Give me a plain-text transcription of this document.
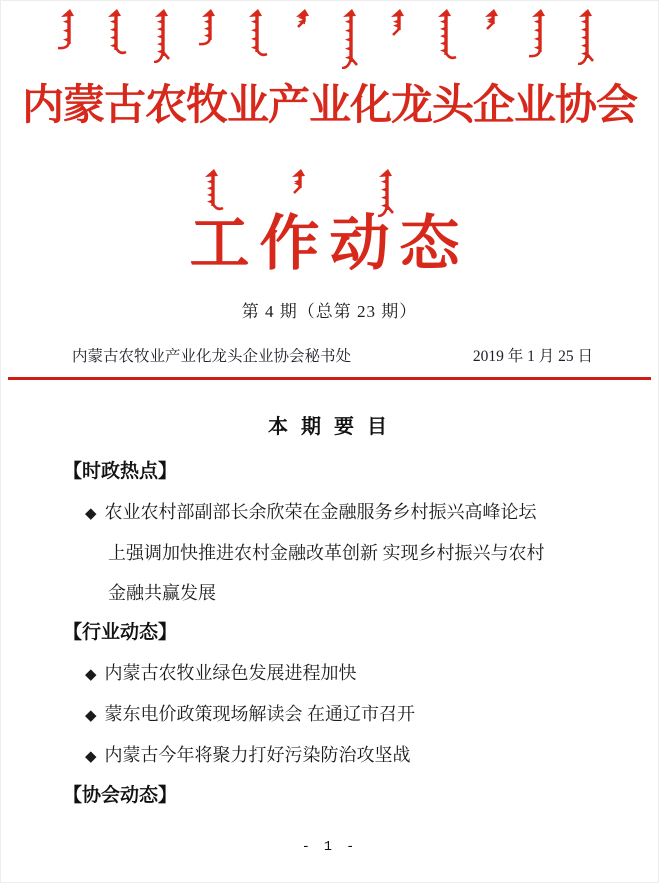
内蒙古农牧业产业化龙头企业协会
工作动态
第 4 期（总第 23 期）
内蒙古农牧业产业化龙头企业协会秘书处	2019 年 1 月 25 日
本 期 要 目
【时政热点】
◆ 农业农村部副部长余欣荣在金融服务乡村振兴高峰论坛
上强调加快推进农村金融改革创新 实现乡村振兴与农村
金融共赢发展
【行业动态】
◆ 内蒙古农牧业绿色发展进程加快
◆ 蒙东电价政策现场解读会 在通辽市召开
◆ 内蒙古今年将聚力打好污染防治攻坚战
【协会动态】
- 1 -
